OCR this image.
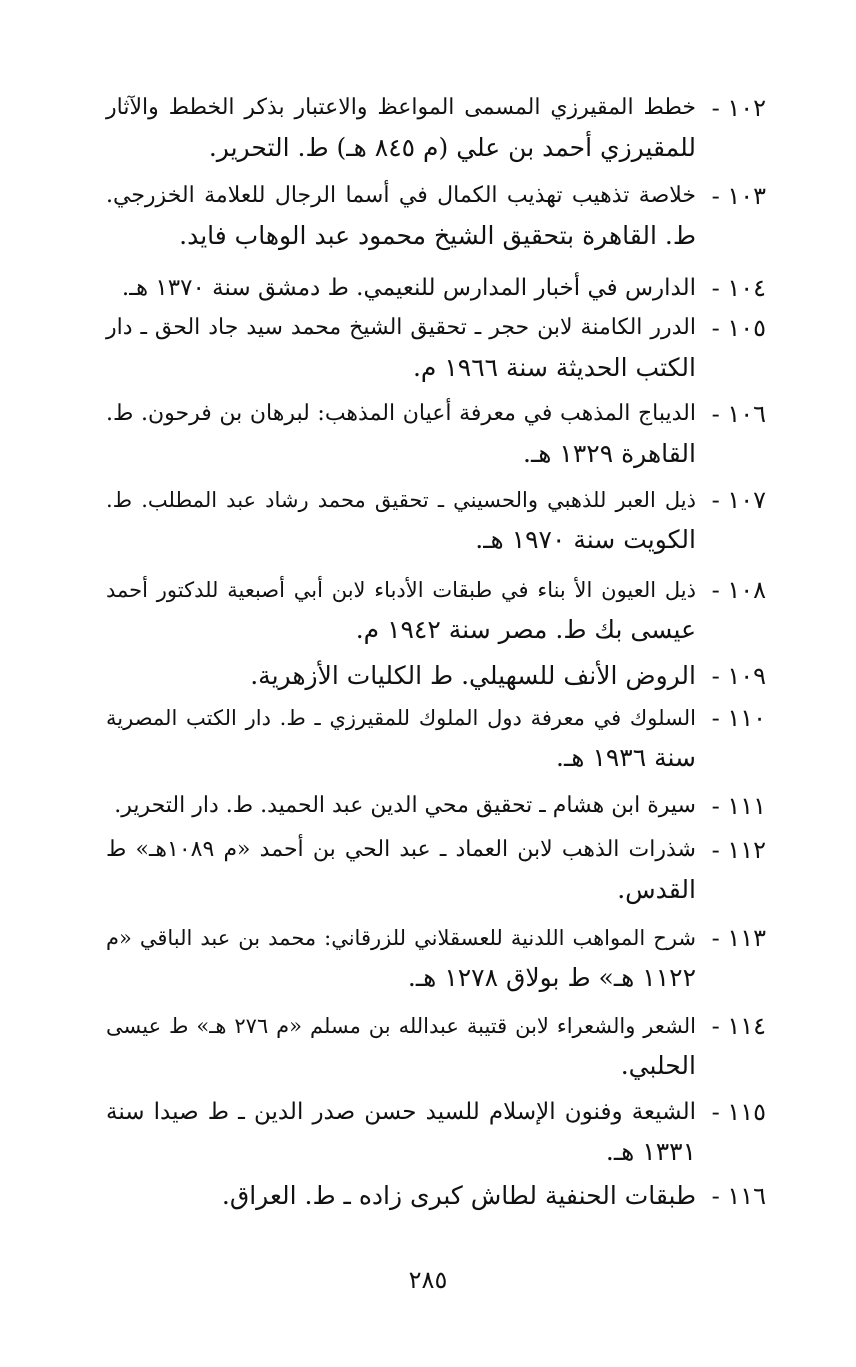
١٠٢ -
خطط المقيرزي المسمى المواعظ والاعتبار بذكر الخطط والآثار
للمقيرزي أحمد بن علي (م ٨٤٥ هـ) ط. التحرير.
١٠٣ -
خلاصة تذهيب تهذيب الكمال في أسما الرجال للعلامة الخزرجي.
ط. القاهرة بتحقيق الشيخ محمود عبد الوهاب فايد.
١٠٤ -
الدارس في أخبار المدارس للنعيمي. ط دمشق سنة ١٣٧٠ هـ.
١٠٥ -
الدرر الكامنة لابن حجر ـ تحقيق الشيخ محمد سيد جاد الحق ـ دار
الكتب الحديثة سنة ١٩٦٦ م.
١٠٦ -
الديباج المذهب في معرفة أعيان المذهب: لبرهان بن فرحون. ط.
القاهرة ١٣٢٩ هـ.
١٠٧ -
ذيل العبر للذهبي والحسيني ـ تحقيق محمد رشاد عبد المطلب. ط.
الكويت سنة ١٩٧٠ هـ.
١٠٨ -
ذيل العيون الأ بناء في طبقات الأدباء لابن أبي أصبعية للدكتور أحمد
عيسى بك ط. مصر سنة ١٩٤٢ م.
١٠٩ -
الروض الأنف للسهيلي. ط الكليات الأزهرية.
١١٠ -
السلوك في معرفة دول الملوك للمقيرزي ـ ط. دار الكتب المصرية
سنة ١٩٣٦ هـ.
١١١ -
سيرة ابن هشام ـ تحقيق محي الدين عبد الحميد. ط. دار التحرير.
١١٢ -
شذرات الذهب لابن العماد ـ عبد الحي بن أحمد «م ١٠٨٩هـ» ط
القدس.
١١٣ -
شرح المواهب اللدنية للعسقلاني للزرقاني: محمد بن عبد الباقي «م
١١٢٢ هـ» ط بولاق ١٢٧٨ هـ.
١١٤ -
الشعر والشعراء لابن قتيبة عبدالله بن مسلم «م ٢٧٦ هـ» ط عيسى
الحلبي.
١١٥ -
الشيعة وفنون الإسلام للسيد حسن صدر الدين ـ ط صيدا سنة
١٣٣١ هـ.
١١٦ -
طبقات الحنفية لطاش كبرى زاده ـ ط. العراق.
٢٨٥
